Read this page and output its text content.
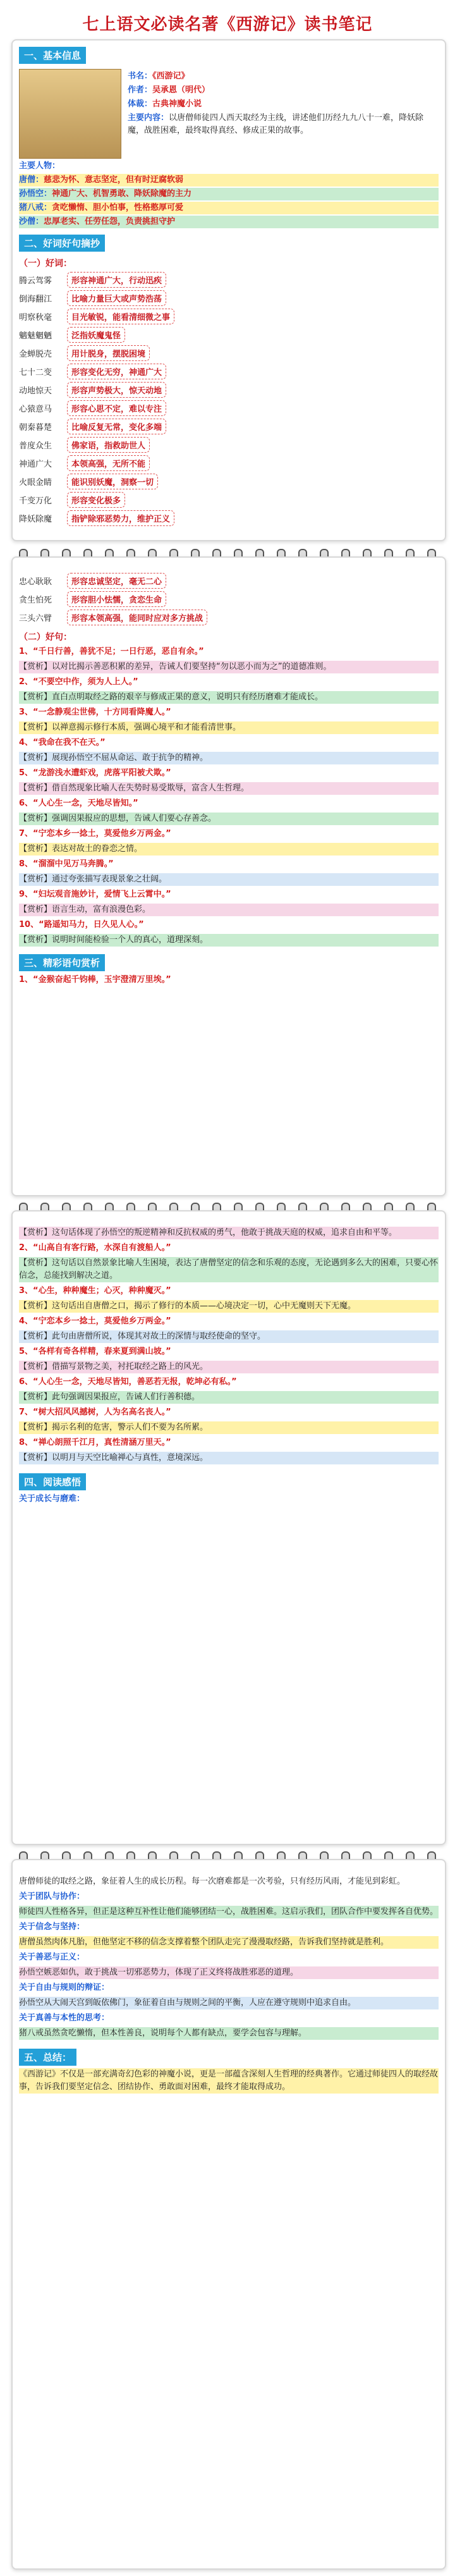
七上语文必读名著《西游记》读书笔记
一、基本信息
书名：《西游记》
作者：吴承恩（明代）
体裁：古典神魔小说
主要内容：以唐僧师徒四人西天取经为主线，讲述他们历经九九八十一难，降妖除魔，战胜困难，最终取得真经、修成正果的故事。
主要人物：
唐僧：慈悲为怀、意志坚定，但有时迂腐软弱
孙悟空：神通广大、机智勇敢、降妖除魔的主力
猪八戒：贪吃懒惰、胆小怕事，性格憨厚可爱
沙僧：忠厚老实、任劳任怨，负责挑担守护
二、好词好句摘抄
（一）好词：
腾云驾雾	形容神通广大，行动迅疾
倒海翻江	比喻力量巨大或声势浩荡
明察秋毫	目光敏锐，能看清细微之事
魑魅魍魉	泛指妖魔鬼怪
金蝉脱壳	用计脱身，摆脱困境
七十二变	形容变化无穷，神通广大
动地惊天	形容声势极大，惊天动地
心猿意马	形容心思不定，难以专注
朝秦暮楚	比喻反复无常，变化多端
普度众生	佛家语，指救助世人
神通广大	本领高强，无所不能
火眼金睛	能识别妖魔，洞察一切
千变万化	形容变化极多
降妖除魔	指铲除邪恶势力，维护正义
忠心耿耿	形容忠诚坚定，毫无二心
贪生怕死	形容胆小怯懦，贪恋生命
三头六臂	形容本领高强，能同时应对多方挑战
（二）好句：
1、“千日行善，善犹不足；一日行恶，恶自有余。”
【赏析】以对比揭示善恶积累的差异，告诫人们要坚持“勿以恶小而为之”的道德准则。
2、“不要空中作，须为人上人。”
【赏析】直白点明取经之路的艰辛与修成正果的意义，说明只有经历磨难才能成长。
3、“一念静观尘世佛，十方同看降魔人。”
【赏析】以禅意揭示修行本质，强调心境平和才能看清世事。
4、“我命在我不在天。”
【赏析】展现孙悟空不屈从命运、敢于抗争的精神。
5、“龙游浅水遭虾戏，虎落平阳被犬欺。”
【赏析】借自然现象比喻人在失势时易受欺辱，富含人生哲理。
6、“人心生一念，天地尽皆知。”
【赏析】强调因果报应的思想，告诫人们要心存善念。
7、“宁恋本乡一捻土，莫爱他乡万两金。”
【赏析】表达对故土的眷恋之情。
8、“溜溜中见万马奔腾。”
【赏析】通过夸张描写表现景象之壮阔。
9、“妇坛观音施妙计，爱情飞上云霄中。”
【赏析】语言生动，富有浪漫色彩。
10、“路遥知马力，日久见人心。”
【赏析】说明时间能检验一个人的真心，道理深刻。
三、精彩语句赏析
1、“金猴奋起千钧棒，玉宇澄清万里埃。”
【赏析】这句话体现了孙悟空的叛逆精神和反抗权威的勇气，他敢于挑战天庭的权威，追求自由和平等。
2、“山高自有客行路，水深自有渡船人。”
【赏析】这句话以自然景象比喻人生困境，表达了唐僧坚定的信念和乐观的态度，无论遇到多么大的困难，只要心怀信念，总能找到解决之道。
3、“心生，种种魔生；心灭，种种魔灭。”
【赏析】这句话出自唐僧之口，揭示了修行的本质——心境决定一切，心中无魔则天下无魔。
4、“宁恋本乡一捻土，莫爱他乡万两金。”
【赏析】此句由唐僧所说，体现其对故土的深情与取经使命的坚守。
5、“各样有奇各样精，春来夏到满山坡。”
【赏析】借描写景物之美，衬托取经之路上的风光。
6、“人心生一念，天地尽皆知，善恶若无报，乾坤必有私。”
【赏析】此句强调因果报应，告诫人们行善积德。
7、“树大招风风撼树，人为名高名丧人。”
【赏析】揭示名利的危害，警示人们不要为名所累。
8、“禅心朗照千江月，真性清涵万里天。”
【赏析】以明月与天空比喻禅心与真性，意境深远。
四、阅读感悟
关于成长与磨难：
唐僧师徒的取经之路，象征着人生的成长历程。每一次磨难都是一次考验，只有经历风雨，才能见到彩虹。
关于团队与协作：
师徒四人性格各异，但正是这种互补性让他们能够团结一心，战胜困难。这启示我们，团队合作中要发挥各自优势。
关于信念与坚持：
唐僧虽然肉体凡胎，但他坚定不移的信念支撑着整个团队走完了漫漫取经路，告诉我们坚持就是胜利。
关于善恶与正义：
孙悟空嫉恶如仇，敢于挑战一切邪恶势力，体现了正义终将战胜邪恶的道理。
关于自由与规则的辩证：
孙悟空从大闹天宫到皈依佛门，象征着自由与规则之间的平衡，人应在遵守规则中追求自由。
关于真善与本性的思考：
猪八戒虽然贪吃懒惰，但本性善良，说明每个人都有缺点，要学会包容与理解。
五、总结：
《西游记》不仅是一部充满奇幻色彩的神魔小说，更是一部蕴含深刻人生哲理的经典著作。它通过师徒四人的取经故事，告诉我们要坚定信念、团结协作、勇敢面对困难，最终才能取得成功。
